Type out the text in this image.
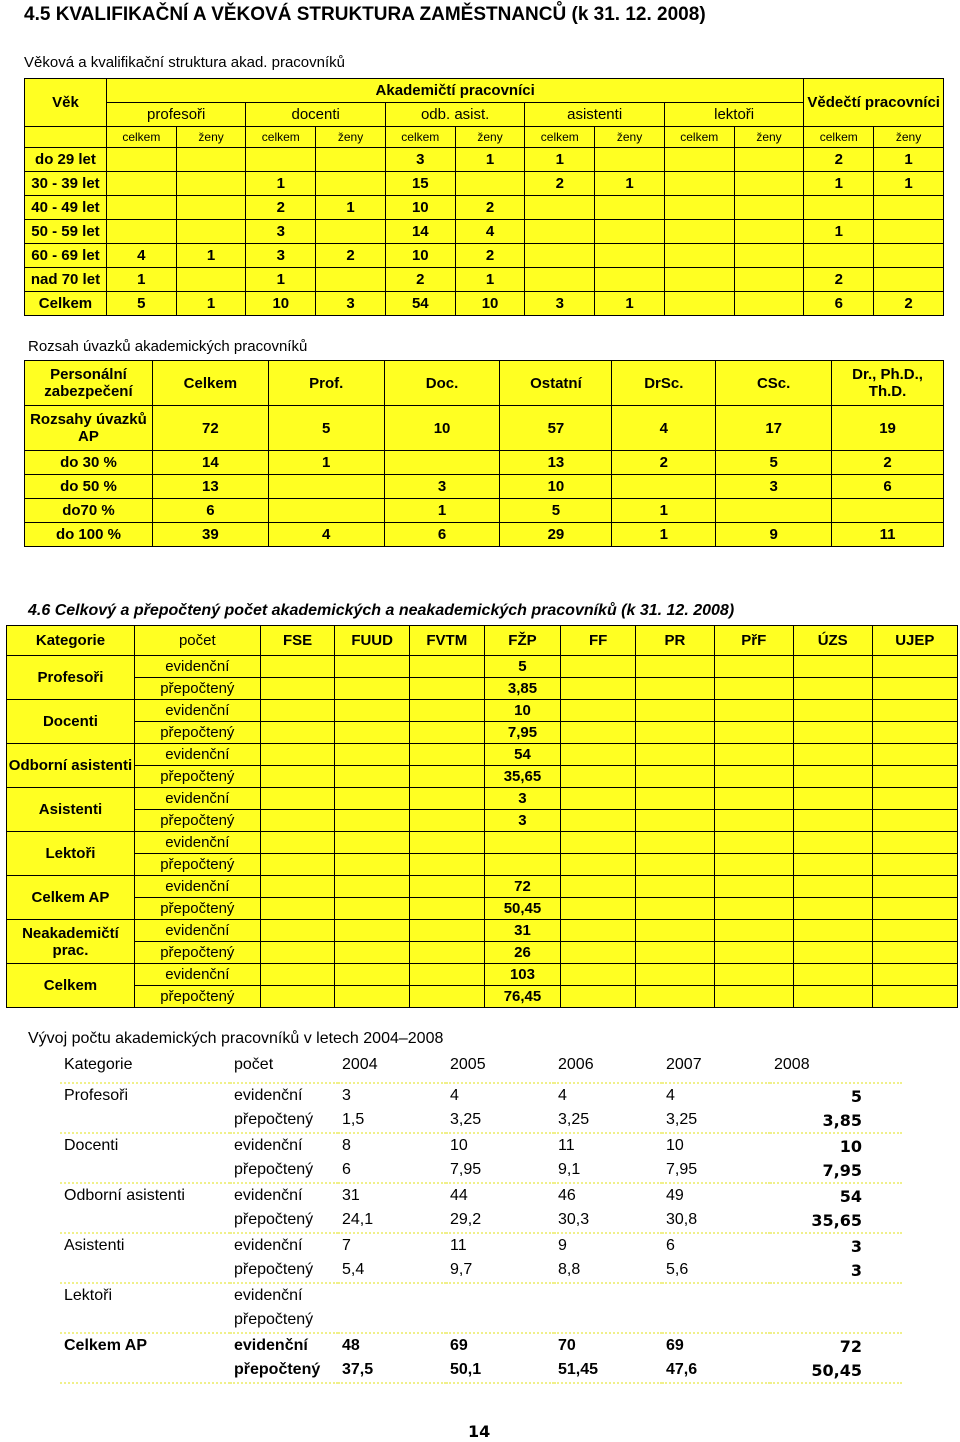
4.5 KVALIFIKAČNÍ A VĚKOVÁ STRUKTURA ZAMĚSTNANCŮ (k 31. 12. 2008)
Věková a kvalifikační struktura akad. pracovníků
Věk	Akademičtí pracovníci										Vědečtí pracovníci	
	profesoři		docenti		odb. asist.		asistenti		lektoři			
	celkem	ženy	celkem	ženy	celkem	ženy	celkem	ženy	celkem	ženy	celkem	ženy
do 29 let					3	1	1				2	1
30 - 39 let			1		15		2	1			1	1
40 - 49 let			2	1	10	2						
50 - 59 let			3		14	4					1	
60 - 69 let	4	1	3	2	10	2						
nad 70 let	1		1		2	1					2	
Celkem	5	1	10	3	54	10	3	1			6	2
Rozsah úvazků akademických pracovníků
Personální zabezpečení	Celkem	Prof.	Doc.	Ostatní	DrSc.	CSc.	Dr., Ph.D., Th.D.
Rozsahy úvazků AP	72	5	10	57	4	17	19
do 30 %	14	1		13	2	5	2
do 50 %	13		3	10		3	6
do70 %	6		1	5	1		
do 100 %	39	4	6	29	1	9	11
4.6 Celkový a přepočtený počet akademických a neakademických pracovníků (k 31. 12. 2008)
Kategorie	počet	FSE	FUUD	FVTM	FŽP	FF	PR	PřF	ÚZS	UJEP
Profesoři	evidenční				5					
	přepočtený				3,85					
Docenti	evidenční				10					
	přepočtený				7,95					
Odborní asistenti	evidenční				54					
	přepočtený				35,65					
Asistenti	evidenční				3					
	přepočtený				3					
Lektoři	evidenční									
	přepočtený									
Celkem AP	evidenční				72					
	přepočtený				50,45					
Neakademičtí prac.	evidenční				31					
	přepočtený				26					
Celkem	evidenční				103					
	přepočtený				76,45					
Vývoj počtu akademických pracovníků v letech 2004–2008
Kategorie	počet	2004	2005	2006	2007	2008
Profesoři	evidenční	3	4	4	4	5
	přepočtený	1,5	3,25	3,25	3,25	3,85
Docenti	evidenční	8	10	11	10	10
	přepočtený	6	7,95	9,1	7,95	7,95
Odborní asistenti	evidenční	31	44	46	49	54
	přepočtený	24,1	29,2	30,3	30,8	35,65
Asistenti	evidenční	7	11	9	6	3
	přepočtený	5,4	9,7	8,8	5,6	3
Lektoři	evidenční					
	přepočtený					
Celkem AP	evidenční	48	69	70	69	72
	přepočtený	37,5	50,1	51,45	47,6	50,45
14
